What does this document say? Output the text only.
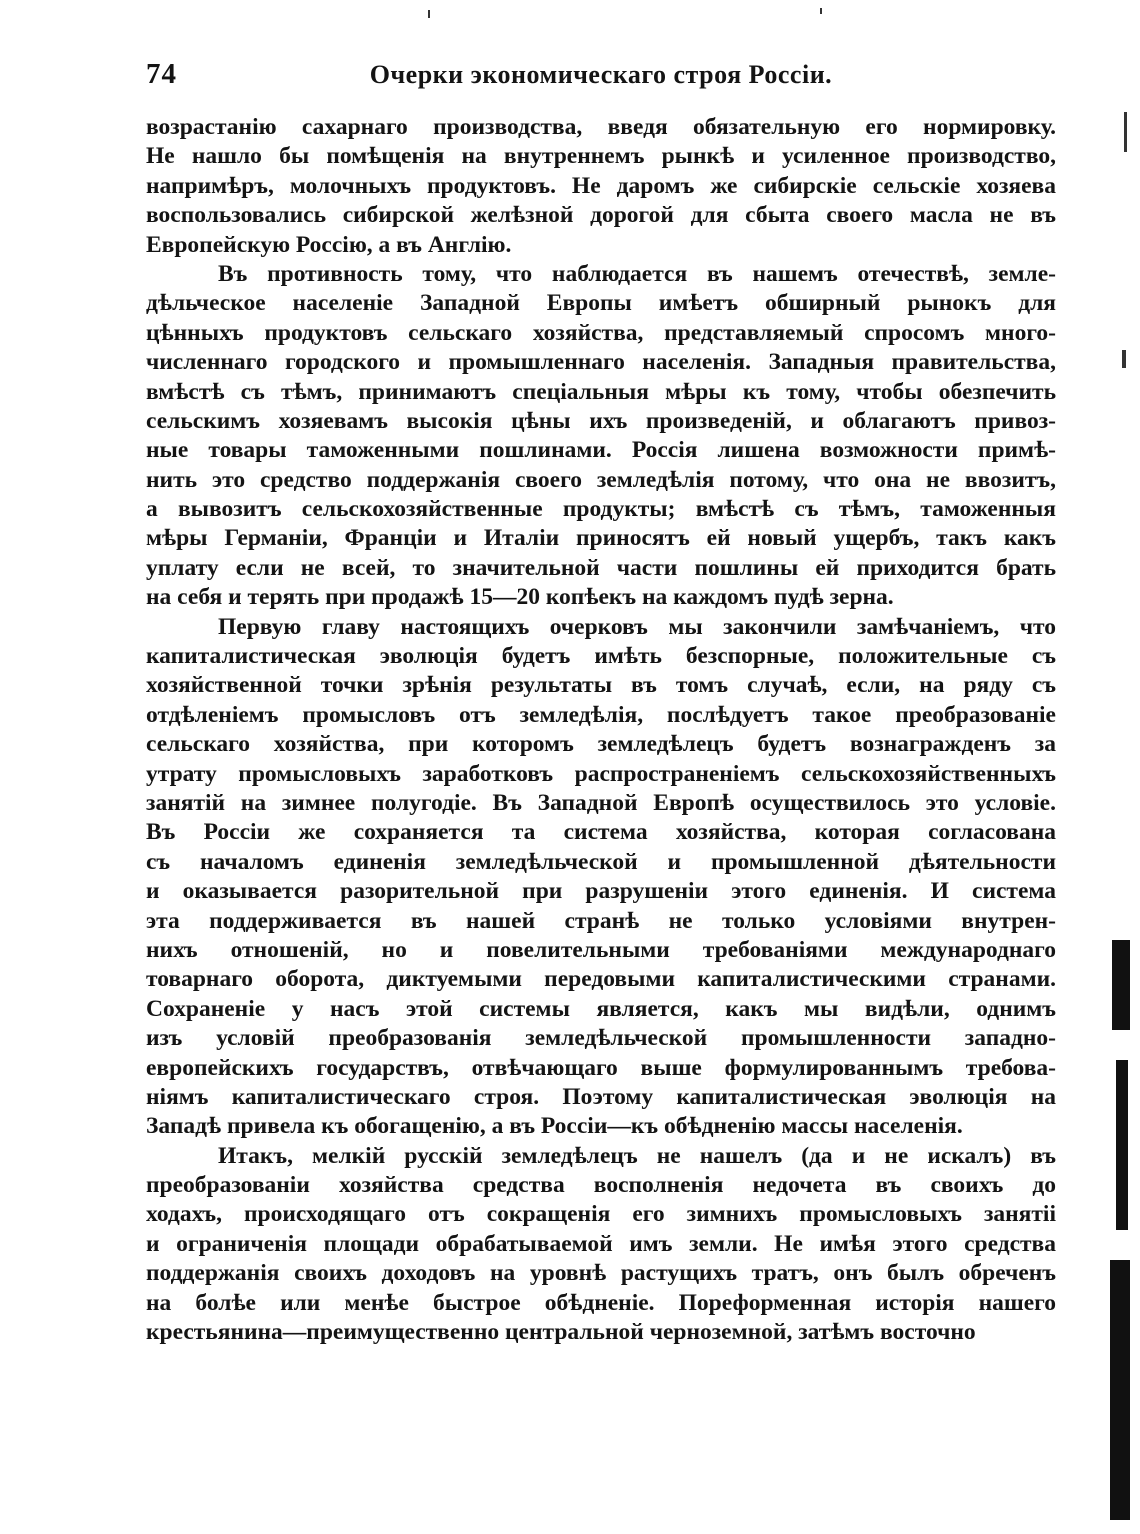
74	Очерки экономическаго строя Россіи.
возрастанію сахарнаго производства, введя обязательную его нормировку.
Не нашло бы помѣщенія на внутреннемъ рынкѣ и усиленное производство,
напримѣръ, молочныхъ продуктовъ. Не даромъ же сибирскіе сельскіе хозяева
воспользовались сибирской желѣзной дорогой для сбыта своего масла не въ
Европейскую Россію, а въ Англію.
Въ противность тому, что наблюдается въ нашемъ отечествѣ, земле-
дѣльческое населеніе Западной Европы имѣетъ обширный рынокъ для
цѣнныхъ продуктовъ сельскаго хозяйства, представляемый спросомъ много-
численнаго городского и промышленнаго населенія. Западныя правительства,
вмѣстѣ съ тѣмъ, принимаютъ спеціальныя мѣры къ тому, чтобы обезпечить
сельскимъ хозяевамъ высокія цѣны ихъ произведеній, и облагаютъ привоз-
ные товары таможенными пошлинами. Россія лишена возможности примѣ-
нить это средство поддержанія своего земледѣлія потому, что она не ввозитъ,
а вывозитъ сельскохозяйственные продукты; вмѣстѣ съ тѣмъ, таможенныя
мѣры Германіи, Франціи и Италіи приносятъ ей новый ущербъ, такъ какъ
уплату если не всей, то значительной части пошлины ей приходится брать
на себя и терять при продажѣ 15—20 копѣекъ на каждомъ пудѣ зерна.
Первую главу настоящихъ очерковъ мы закончили замѣчаніемъ, что
капиталистическая эволюція будетъ имѣть безспорные, положительные съ
хозяйственной точки зрѣнія результаты въ томъ случаѣ, если, на ряду съ
отдѣленіемъ промысловъ отъ земледѣлія, послѣдуетъ такое преобразованіе
сельскаго хозяйства, при которомъ земледѣлецъ будетъ вознагражденъ за
утрату промысловыхъ заработковъ распространеніемъ сельскохозяйственныхъ
занятій на зимнее полугодіе. Въ Западной Европѣ осуществилось это условіе.
Въ Россіи же сохраняется та система хозяйства, которая согласована
съ началомъ единенія земледѣльческой и промышленной дѣятельности
и оказывается разорительной при разрушеніи этого единенія. И система
эта поддерживается въ нашей странѣ не только условіями внутрен-
нихъ отношеній, но и повелительными требованіями международнаго
товарнаго оборота, диктуемыми передовыми капиталистическими странами.
Сохраненіе у насъ этой системы является, какъ мы видѣли, однимъ
изъ условій преобразованія земледѣльческой промышленности западно-
европейскихъ государствъ, отвѣчающаго выше формулированнымъ требова-
ніямъ капиталистическаго строя. Поэтому капиталистическая эволюція на
Западѣ привела къ обогащенію, а въ Россіи—къ обѣдненію массы населенія.
Итакъ, мелкій русскій земледѣлецъ не нашелъ (да и не искалъ) въ
преобразованіи хозяйства средства восполненія недочета въ своихъ до
ходахъ, происходящаго отъ сокращенія его зимнихъ промысловыхъ занятіі
и ограниченія площади обрабатываемой имъ земли. Не имѣя этого средства
поддержанія своихъ доходовъ на уровнѣ растущихъ тратъ, онъ былъ обреченъ
на болѣе или менѣе быстрое обѣдненіе. Пореформенная исторія нашего
крестьянина—преимущественно центральной черноземной, затѣмъ восточно
